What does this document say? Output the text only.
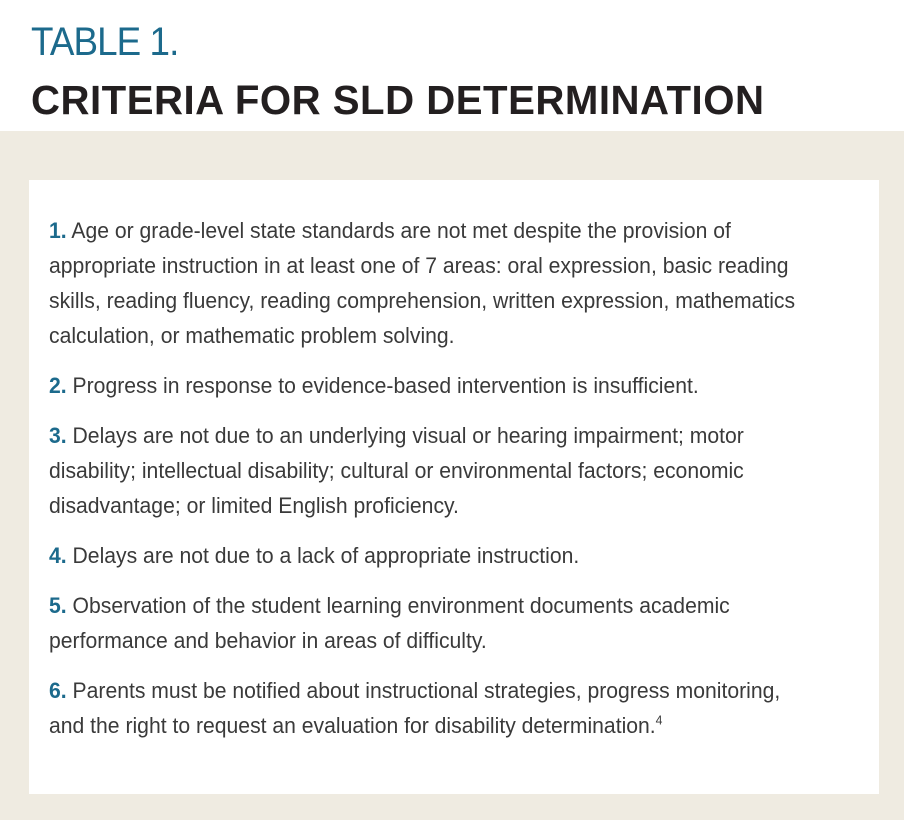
TABLE 1.
CRITERIA FOR SLD DETERMINATION
1. Age or grade-level state standards are not met despite the provision of appropriate instruction in at least one of 7 areas: oral expression, basic reading skills, reading fluency, reading comprehension, written expression, mathematics calculation, or mathematic problem solving.
2. Progress in response to evidence-based intervention is insufficient.
3. Delays are not due to an underlying visual or hearing impairment; motor disability; intellectual disability; cultural or environmental factors; economic disadvantage; or limited English proficiency.
4. Delays are not due to a lack of appropriate instruction.
5. Observation of the student learning environment documents academic performance and behavior in areas of difficulty.
6. Parents must be notified about instructional strategies, progress monitoring, and the right to request an evaluation for disability determination.$^4$
